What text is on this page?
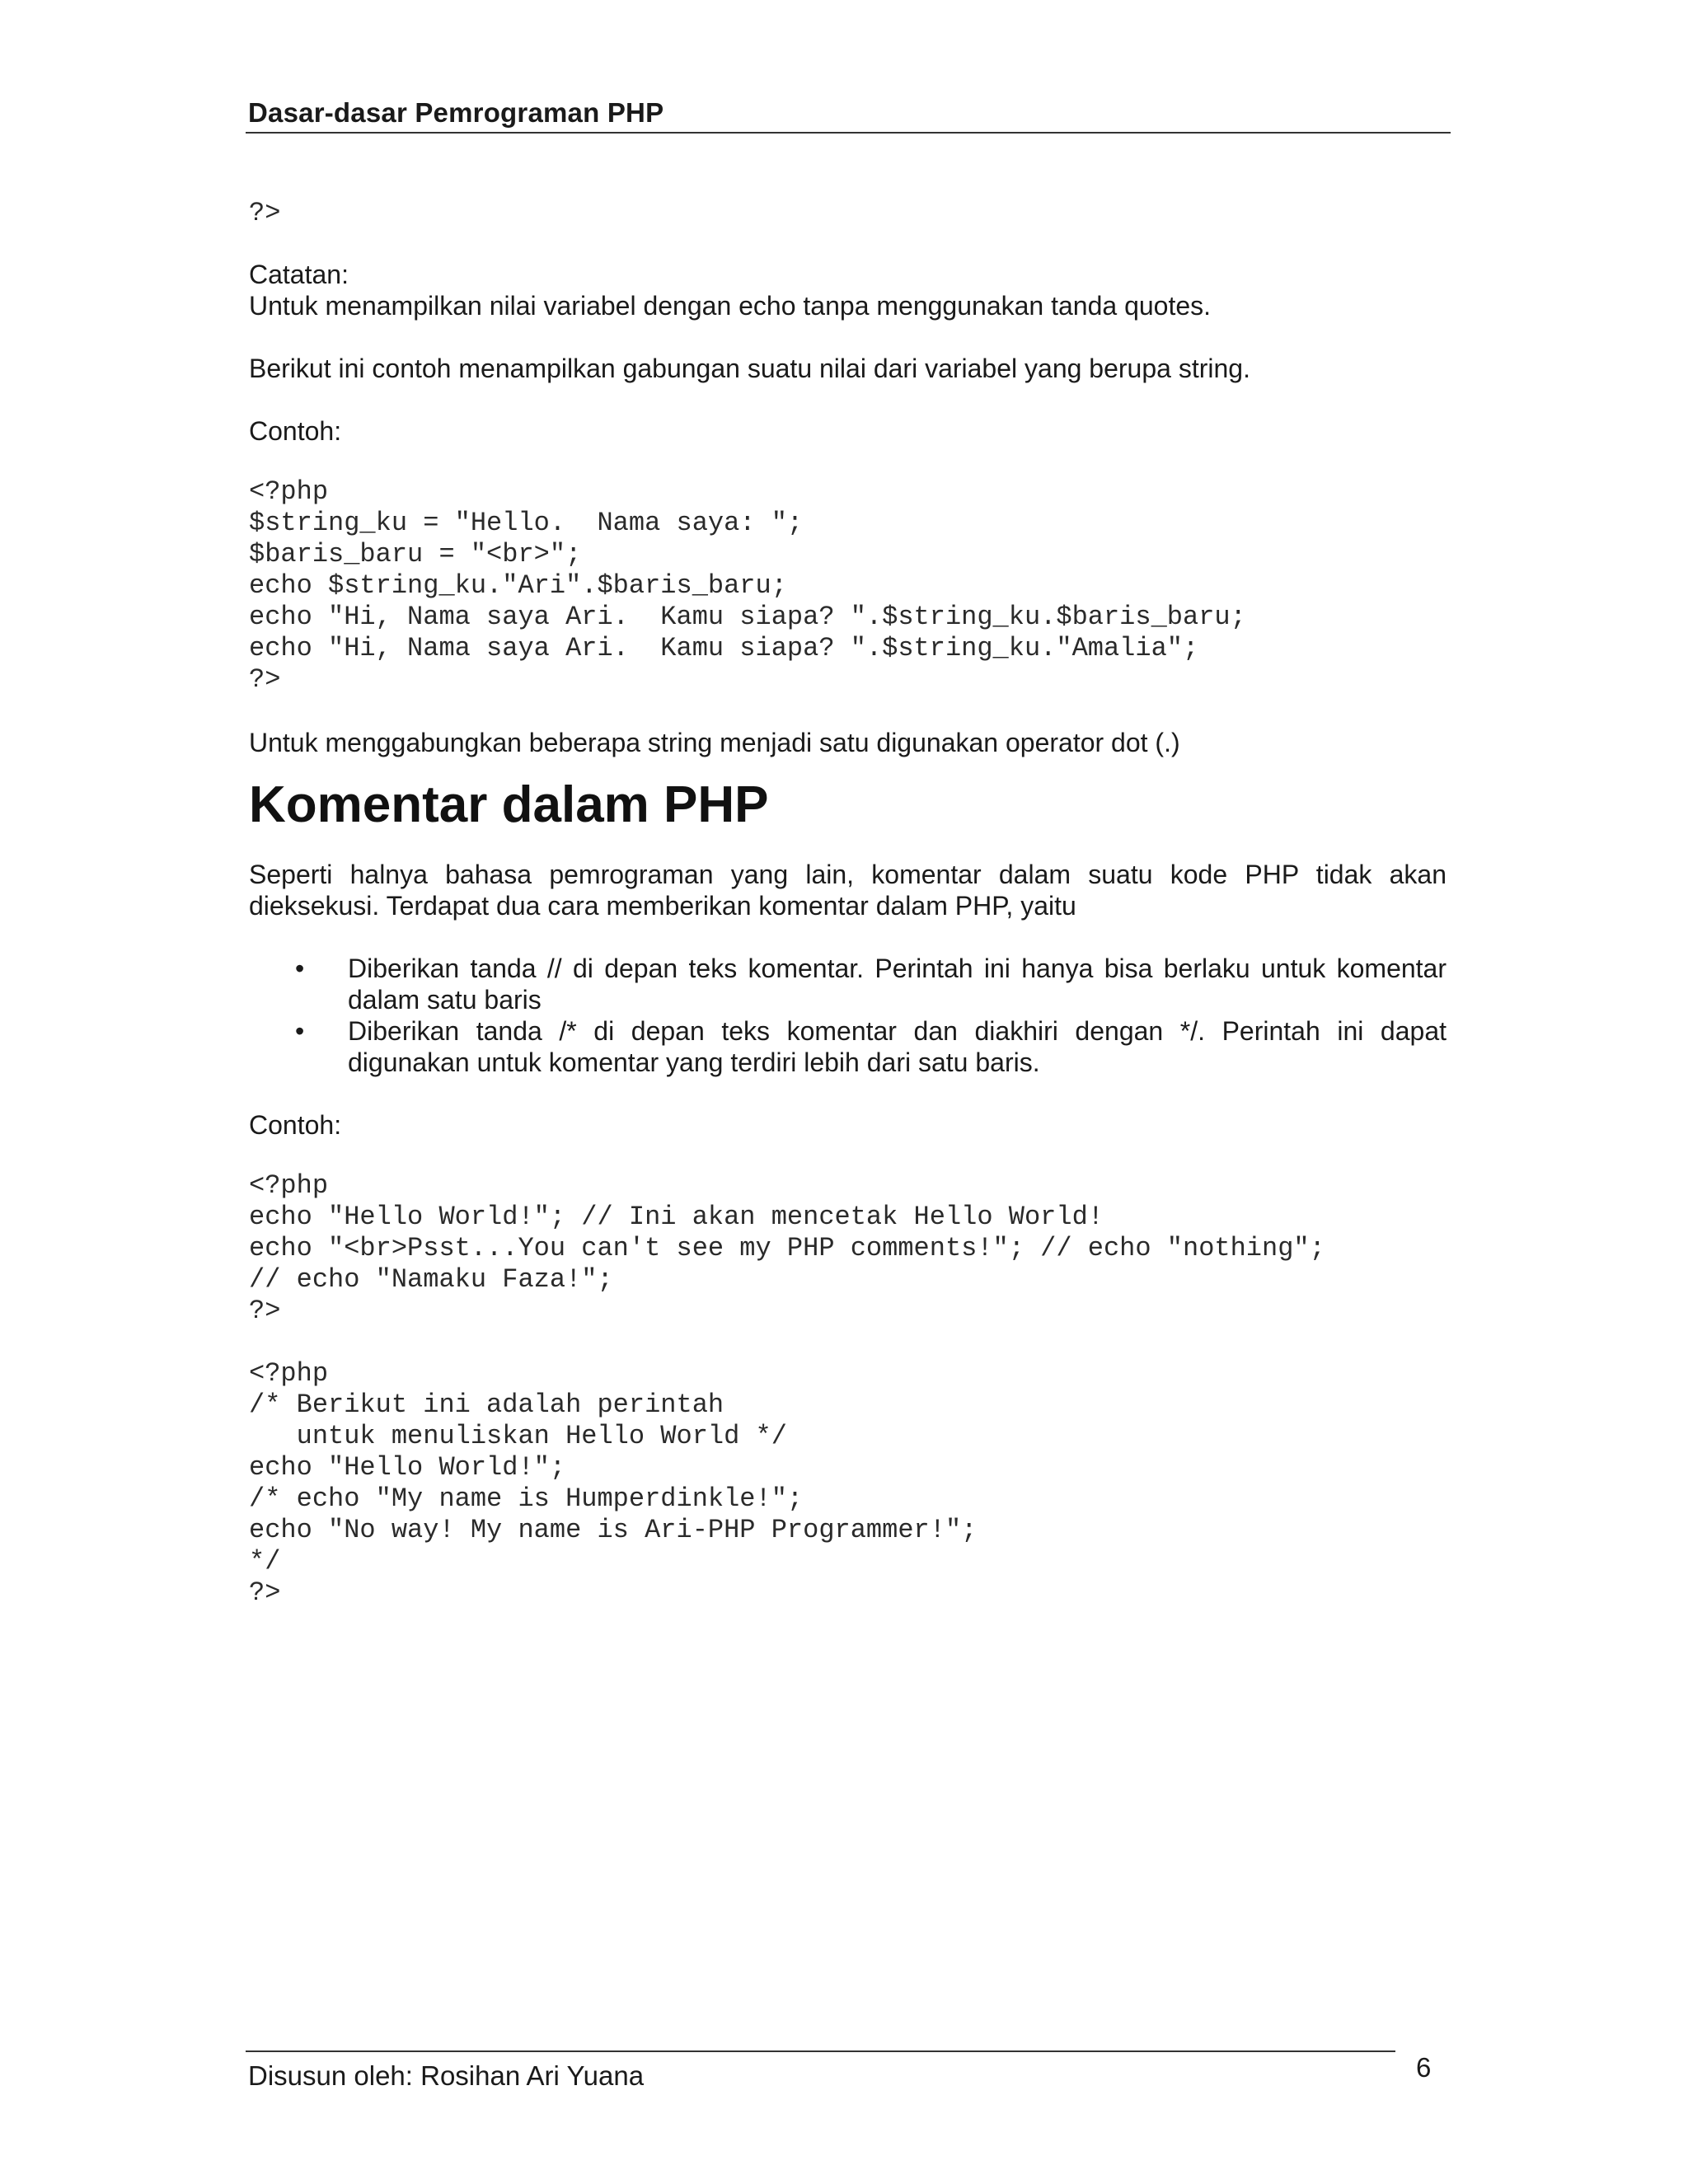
Dasar-dasar Pemrograman PHP
?>

Catatan:

Untuk menampilkan nilai variabel dengan echo tanpa menggunakan tanda quotes.

Berikut ini contoh menampilkan gabungan suatu nilai dari variabel yang berupa string.

Contoh:

<?php
$string_ku = "Hello.  Nama saya: ";
$baris_baru = "<br>";
echo $string_ku."Ari".$baris_baru;
echo "Hi, Nama saya Ari.  Kamu siapa? ".$string_ku.$baris_baru;
echo "Hi, Nama saya Ari.  Kamu siapa? ".$string_ku."Amalia";
?>

Untuk menggabungkan beberapa string menjadi satu digunakan operator dot (.)

Komentar dalam PHP

Seperti halnya bahasa pemrograman yang lain, komentar dalam suatu kode PHP tidak akan dieksekusi. Terdapat dua cara memberikan komentar dalam PHP, yaitu

• Diberikan tanda // di depan teks komentar. Perintah ini hanya bisa berlaku untuk komentar dalam satu baris
• Diberikan tanda /* di depan teks komentar dan diakhiri dengan */. Perintah ini dapat digunakan untuk komentar yang terdiri lebih dari satu baris.

Contoh:

<?php
echo "Hello World!"; // Ini akan mencetak Hello World!
echo "<br>Psst...You can't see my PHP comments!"; // echo "nothing";
// echo "Namaku Faza!";
?>
<?php
/* Berikut ini adalah perintah
untuk menuliskan Hello World */
echo "Hello World!";
/* echo "My name is Humperdinkle!";
echo "No way! My name is Ari-PHP Programmer!";
*/
?>
Disusun oleh: Rosihan Ari Yuana	6
